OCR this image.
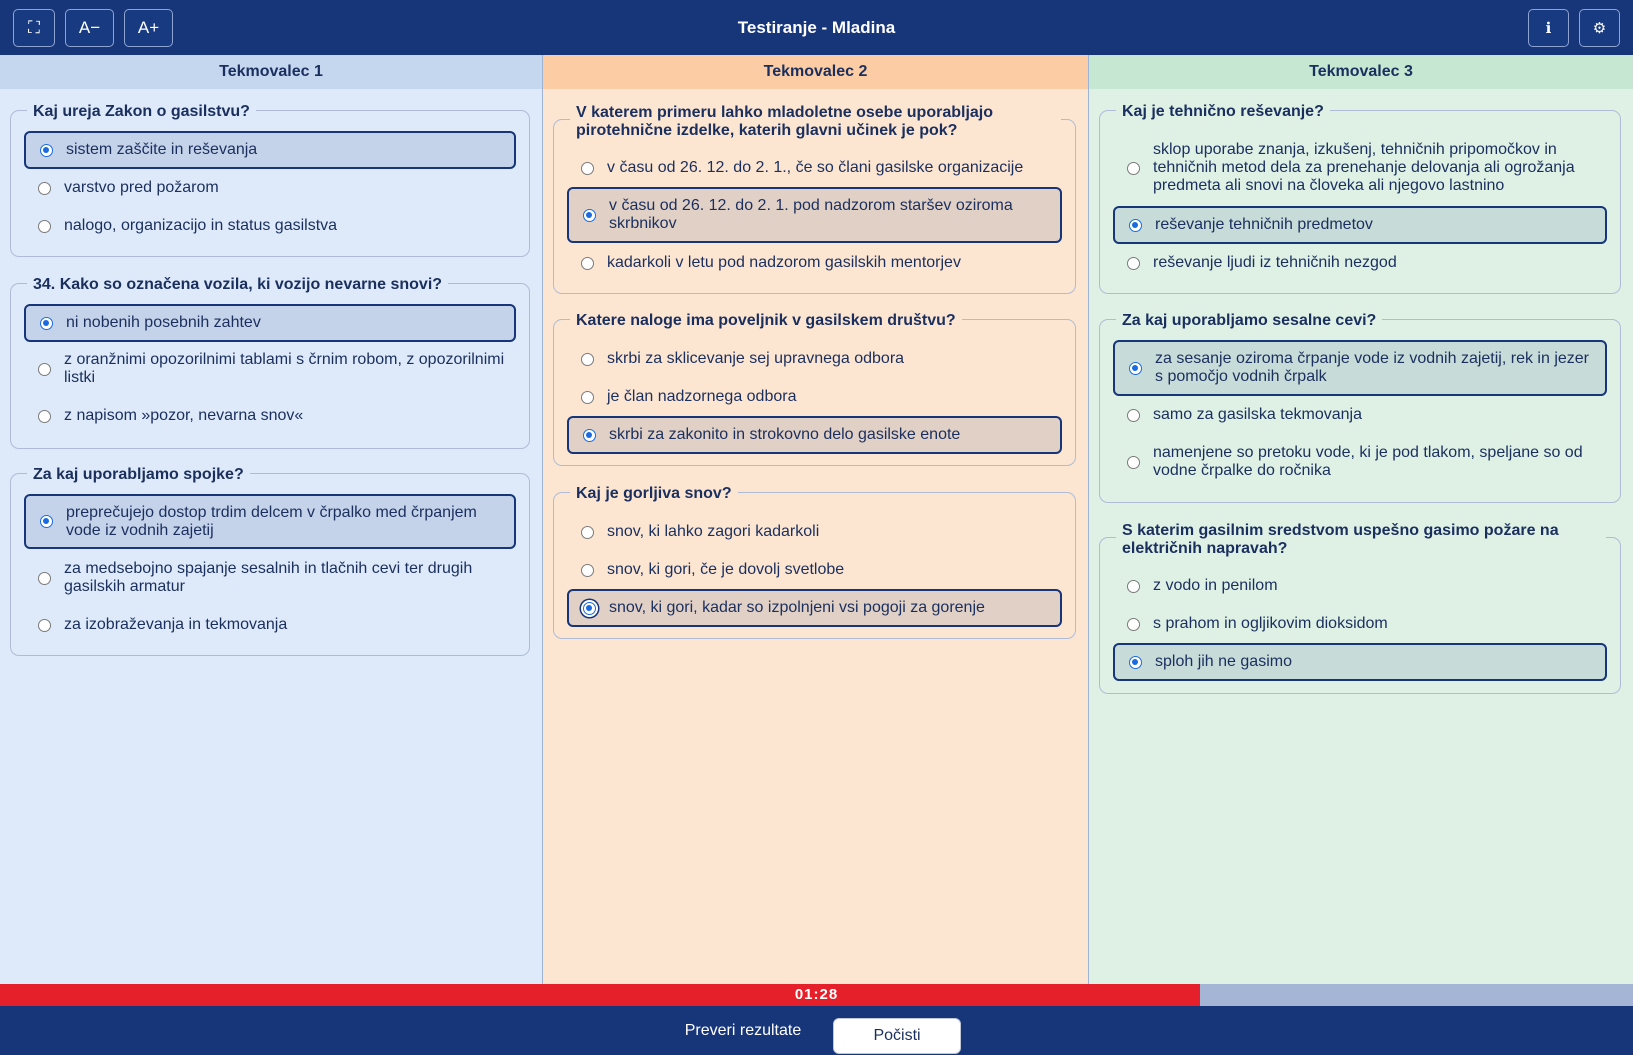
⛶	A−	A+	Testiranje - Mladina	ℹ	⚙
Tekmovalec 1
Kaj ureja Zakon o gasilstvu?
sistem zaščite in reševanja
varstvo pred požarom
nalogo, organizacijo in status gasilstva
34. Kako so označena vozila, ki vozijo nevarne snovi?
ni nobenih posebnih zahtev
z oranžnimi opozorilnimi tablami s črnim robom, z opozorilnimi listki
z napisom »pozor, nevarna snov«
Za kaj uporabljamo spojke?
preprečujejo dostop trdim delcem v črpalko med črpanjem vode iz vodnih zajetij
za medsebojno spajanje sesalnih in tlačnih cevi ter drugih gasilskih armatur
za izobraževanja in tekmovanja
Tekmovalec 2
V katerem primeru lahko mladoletne osebe uporabljajo pirotehnične izdelke, katerih glavni učinek je pok?
v času od 26. 12. do 2. 1., če so člani gasilske organizacije
v času od 26. 12. do 2. 1. pod nadzorom staršev oziroma skrbnikov
kadarkoli v letu pod nadzorom gasilskih mentorjev
Katere naloge ima poveljnik v gasilskem društvu?
skrbi za sklicevanje sej upravnega odbora
je član nadzornega odbora
skrbi za zakonito in strokovno delo gasilske enote
Kaj je gorljiva snov?
snov, ki lahko zagori kadarkoli
snov, ki gori, če je dovolj svetlobe
snov, ki gori, kadar so izpolnjeni vsi pogoji za gorenje
Tekmovalec 3
Kaj je tehnično reševanje?
sklop uporabe znanja, izkušenj, tehničnih pripomočkov in tehničnih metod dela za prenehanje delovanja ali ogrožanja predmeta ali snovi na človeka ali njegovo lastnino
reševanje tehničnih predmetov
reševanje ljudi iz tehničnih nezgod
Za kaj uporabljamo sesalne cevi?
za sesanje oziroma črpanje vode iz vodnih zajetij, rek in jezer s pomočjo vodnih črpalk
samo za gasilska tekmovanja
namenjene so pretoku vode, ki je pod tlakom, speljane so od vodne črpalke do ročnika
S katerim gasilnim sredstvom uspešno gasimo požare na električnih napravah?
z vodo in penilom
s prahom in ogljikovim dioksidom
sploh jih ne gasimo
01:28
Preveri rezultate	Počisti
